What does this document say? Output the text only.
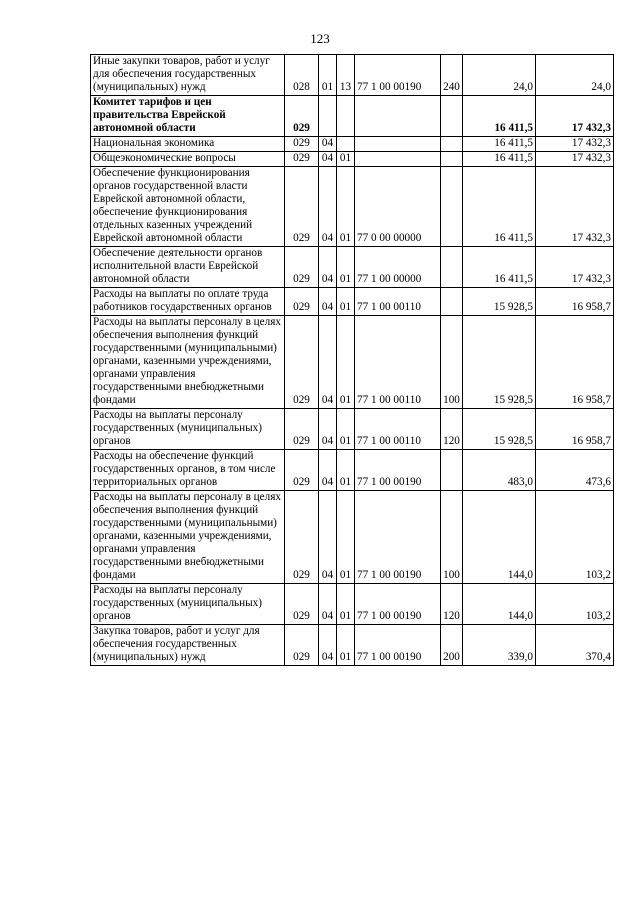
123
Иные закупки товаров, работ и услуг для обеспечения государственных (муниципальных) нужд	028	01	13	77 1 00 00190	240	24,0	24,0
Комитет тарифов и цен правительства Еврейской автономной области	029					16 411,5	17 432,3
Национальная экономика	029	04				16 411,5	17 432,3
Общеэкономические вопросы	029	04	01			16 411,5	17 432,3
Обеспечение функционирования органов государственной власти Еврейской автономной области, обеспечение функционирования отдельных казенных учреждений Еврейской автономной области	029	04	01	77 0 00 00000		16 411,5	17 432,3
Обеспечение деятельности органов исполнительной власти Еврейской автономной области	029	04	01	77 1 00 00000		16 411,5	17 432,3
Расходы на выплаты по оплате труда работников государственных органов	029	04	01	77 1 00 00110		15 928,5	16 958,7
Расходы на выплаты персоналу в целях обеспечения выполнения функций государственными (муниципальными) органами, казенными учреждениями, органами управления государственными внебюджетными фондами	029	04	01	77 1 00 00110	100	15 928,5	16 958,7
Расходы на выплаты персоналу государственных (муниципальных) органов	029	04	01	77 1 00 00110	120	15 928,5	16 958,7
Расходы на обеспечение функций государственных органов, в том числе территориальных органов	029	04	01	77 1 00 00190		483,0	473,6
Расходы на выплаты персоналу в целях обеспечения выполнения функций государственными (муниципальными) органами, казенными учреждениями, органами управления государственными внебюджетными фондами	029	04	01	77 1 00 00190	100	144,0	103,2
Расходы на выплаты персоналу государственных (муниципальных) органов	029	04	01	77 1 00 00190	120	144,0	103,2
Закупка товаров, работ и услуг для обеспечения государственных (муниципальных) нужд	029	04	01	77 1 00 00190	200	339,0	370,4
